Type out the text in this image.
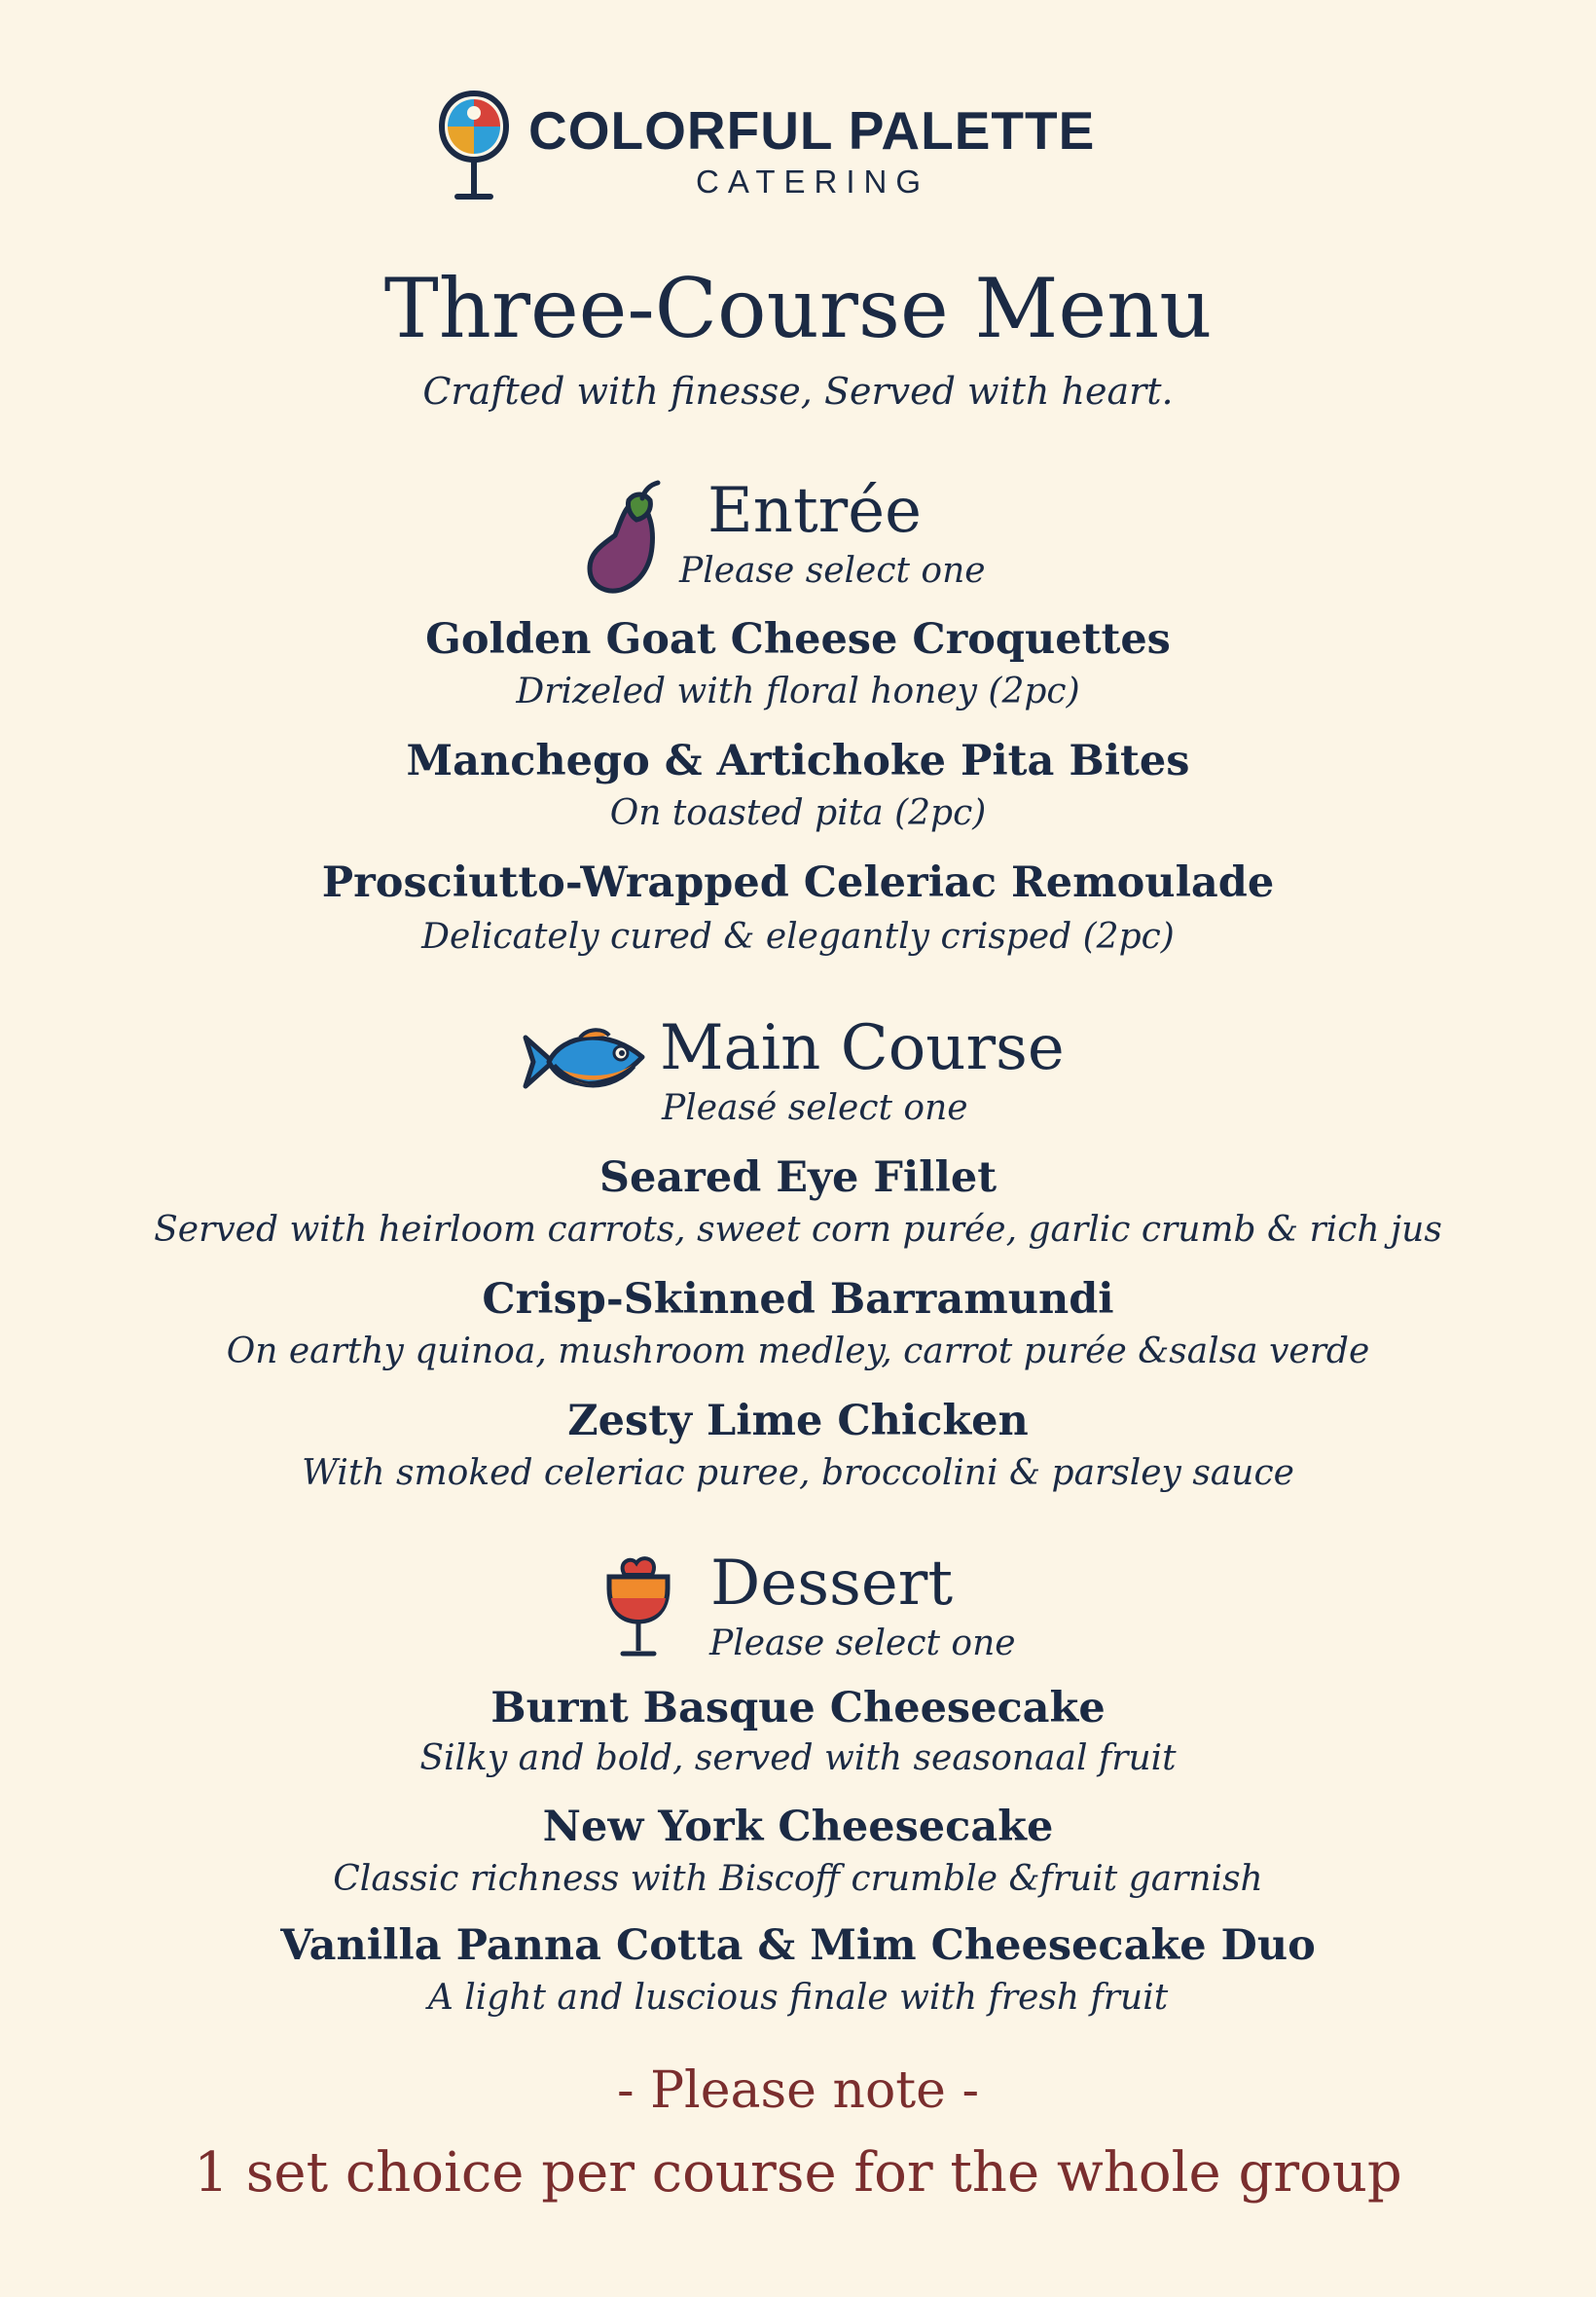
COLORFUL PALETTE
CATERING
Three-Course Menu
Crafted with finesse, Served with heart.
Entrée
Please select one
Golden Goat Cheese Croquettes
Drizeled with floral honey (2pc)
Manchego & Artichoke Pita Bites
On toasted pita (2pc)
Prosciutto-Wrapped Celeriac Remoulade
Delicately cured & elegantly crisped (2pc)
Main Course
Pleasé select one
Seared Eye Fillet
Served with heirloom carrots, sweet corn purée, garlic crumb & rich jus
Crisp-Skinned Barramundi
On earthy quinoa, mushroom medley, carrot purée &salsa verde
Zesty Lime Chicken
With smoked celeriac puree, broccolini & parsley sauce
Dessert
Please select one
Burnt Basque Cheesecake
Silky and bold, served with seasonaal fruit
New York Cheesecake
Classic richness with Biscoff crumble &fruit garnish
Vanilla Panna Cotta & Mim Cheesecake Duo
A light and luscious finale with fresh fruit
- Please note -
1 set choice per course for the whole group
